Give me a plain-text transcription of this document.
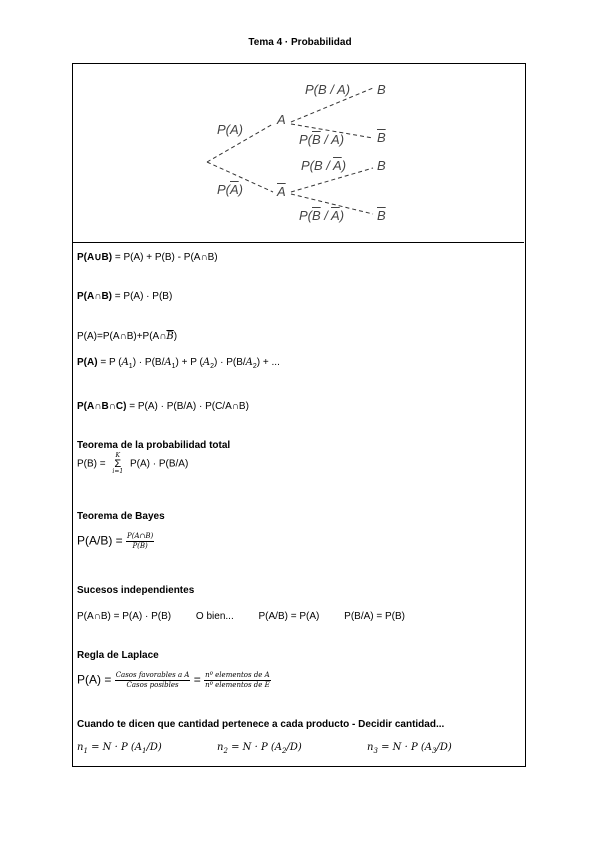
Tema 4 · Probabilidad
P(A)
$P(\overline{A})$
A
$\overline{A}$
P(B / A)
$P(\overline{B} / A)$
$P(B / \overline{A})$
$P(\overline{B} / \overline{A})$
B
$\overline{B}$
B
$\overline{B}$
P(A∪B) = P(A) + P(B) - P(A∩B)
P(A∩B) = P(A) · P(B)
$P(A)=P(A\cap B)+P(A\cap\overline{B})$
P(A) = P $(A_1) \cdot P(B/A_1) + P$ $(A_2) \cdot P(B/A_2)$ + ...
P(A∩B∩C) = P(A) · P(B/A) · P(C/A∩B)
Teorema de la probabilidad total
P(B) =
K
Σ
i=1
P(A) · P(B/A)
Teorema de Bayes
$P(A/B) = \frac{P(A\cap B)}{P(B)}$
Sucesos independientes
P(A∩B) = P(A) · P(B) O bien... P(A/B) = P(A) P(B/A) = P(B)
Regla de Laplace
$P(A) = \frac{\text{Casos favorables a A}}{\text{Casos posibles}} = \frac{\text{nº elementos de A}}{\text{nº elementos de E}}$
Cuando te dicen que cantidad pertenece a cada producto - Decidir cantidad...
$n_1 = N \cdot P$ $(A_1/D)$	$n_2 = N \cdot P$ $(A_2/D)$	$n_3 = N \cdot P$ $(A_3/D)$
